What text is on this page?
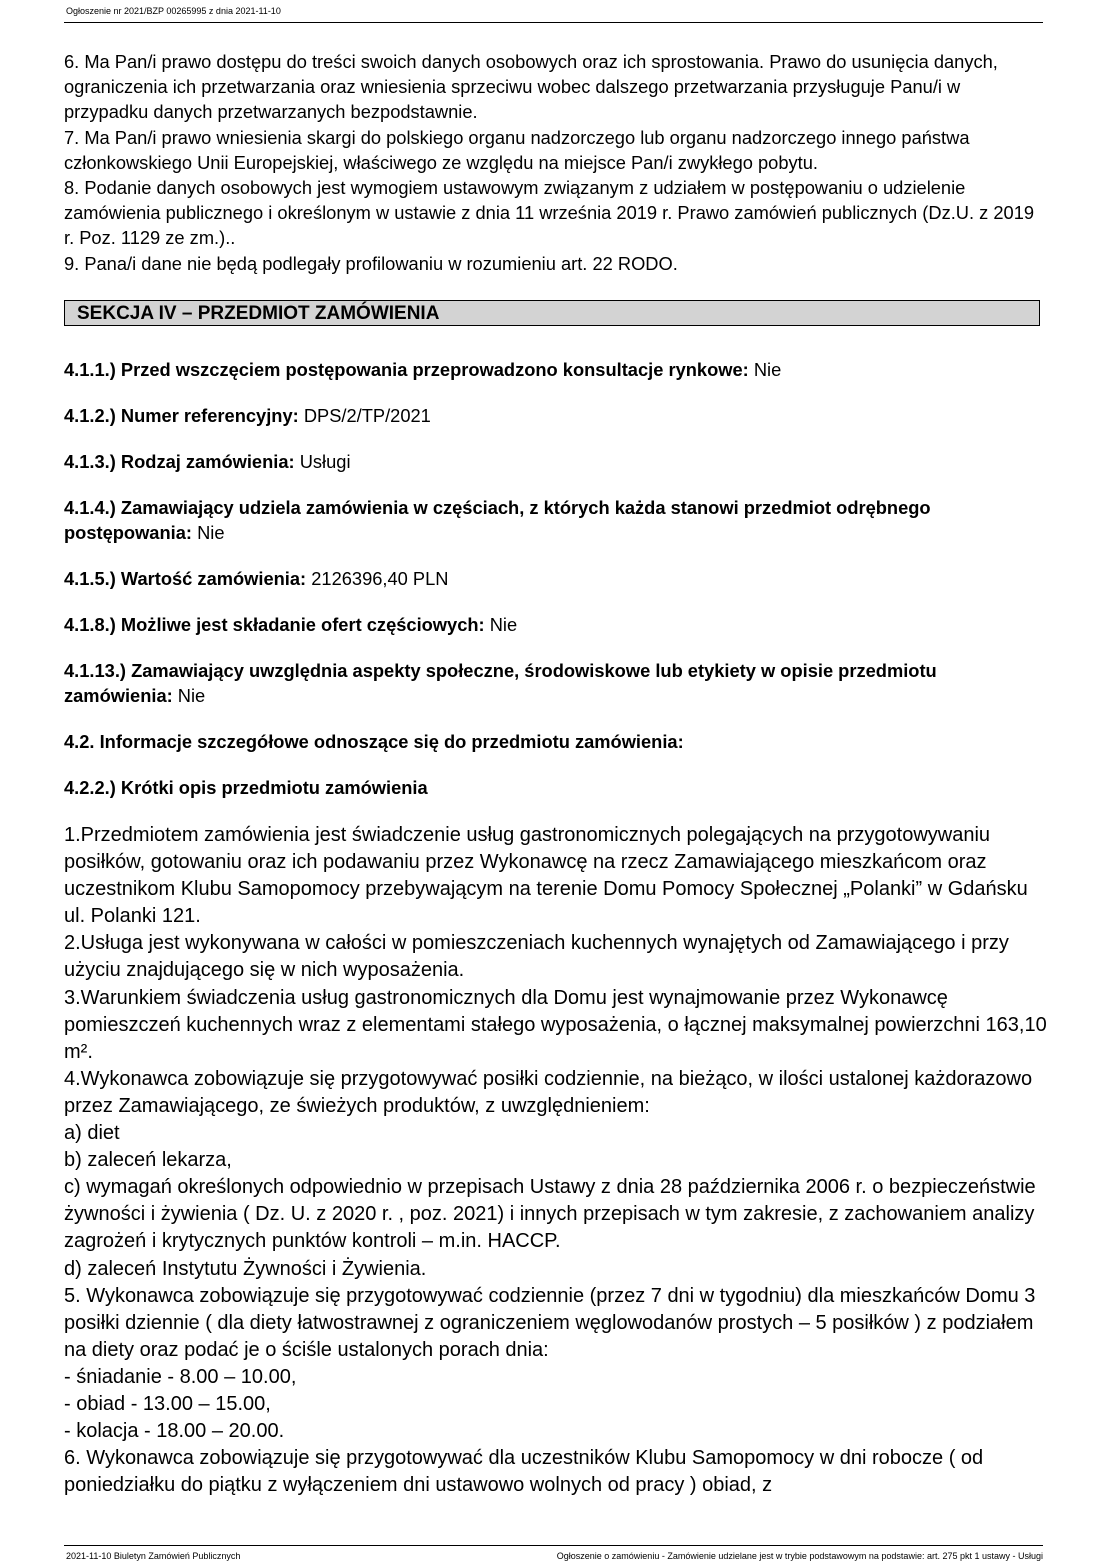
Ogłoszenie nr 2021/BZP 00265995 z dnia 2021-11-10

6. Ma Pan/i prawo dostępu do treści swoich danych osobowych oraz ich sprostowania. Prawo do usunięcia danych, ograniczenia ich przetwarzania oraz wniesienia sprzeciwu wobec dalszego przetwarzania przysługuje Panu/i w przypadku danych przetwarzanych bezpodstawnie.

7. Ma Pan/i prawo wniesienia skargi do polskiego organu nadzorczego lub organu nadzorczego innego państwa członkowskiego Unii Europejskiej, właściwego ze względu na miejsce Pan/i zwykłego pobytu.

8. Podanie danych osobowych jest wymogiem ustawowym związanym z udziałem w postępowaniu o udzielenie zamówienia publicznego i określonym w ustawie z dnia 11 września 2019 r. Prawo zamówień publicznych (Dz.U. z 2019 r. Poz. 1129 ze zm.)..

9. Pana/i dane nie będą podlegały profilowaniu w rozumieniu art. 22 RODO.

SEKCJA IV – PRZEDMIOT ZAMÓWIENIA

4.1.1.) Przed wszczęciem postępowania przeprowadzono konsultacje rynkowe: Nie

4.1.2.) Numer referencyjny: DPS/2/TP/2021

4.1.3.) Rodzaj zamówienia: Usługi

4.1.4.) Zamawiający udziela zamówienia w częściach, z których każda stanowi przedmiot odrębnego postępowania: Nie

4.1.5.) Wartość zamówienia: 2126396,40 PLN

4.1.8.) Możliwe jest składanie ofert częściowych: Nie

4.1.13.) Zamawiający uwzględnia aspekty społeczne, środowiskowe lub etykiety w opisie przedmiotu zamówienia: Nie

4.2. Informacje szczegółowe odnoszące się do przedmiotu zamówienia:

4.2.2.) Krótki opis przedmiotu zamówienia

1.Przedmiotem zamówienia jest świadczenie usług gastronomicznych polegających na przygotowywaniu posiłków, gotowaniu oraz ich podawaniu przez Wykonawcę na rzecz Zamawiającego mieszkańcom oraz uczestnikom Klubu Samopomocy przebywającym na terenie Domu Pomocy Społecznej „Polanki” w Gdańsku ul. Polanki 121.

2.Usługa jest wykonywana w całości w pomieszczeniach kuchennych wynajętych od Zamawiającego i przy użyciu znajdującego się w nich wyposażenia.

3.Warunkiem świadczenia usług gastronomicznych dla Domu jest wynajmowanie przez Wykonawcę pomieszczeń kuchennych wraz z elementami stałego wyposażenia, o łącznej maksymalnej powierzchni 163,10 m².

4.Wykonawca zobowiązuje się przygotowywać posiłki codziennie, na bieżąco, w ilości ustalonej każdorazowo przez Zamawiającego, ze świeżych produktów, z uwzględnieniem:

a) diet

b) zaleceń lekarza,

c) wymagań określonych odpowiednio w przepisach Ustawy z dnia 28 października 2006 r. o bezpieczeństwie żywności i żywienia ( Dz. U. z 2020 r. , poz. 2021) i innych przepisach w tym zakresie, z zachowaniem analizy zagrożeń i krytycznych punktów kontroli – m.in. HACCP.

d) zaleceń Instytutu Żywności i Żywienia.

5. Wykonawca zobowiązuje się przygotowywać codziennie (przez 7 dni w tygodniu) dla mieszkańców Domu 3 posiłki dziennie ( dla diety łatwostrawnej z ograniczeniem węglowodanów prostych – 5 posiłków ) z podziałem na diety oraz podać je o ściśle ustalonych porach dnia:

- śniadanie - 8.00 – 10.00,

- obiad - 13.00 – 15.00,

- kolacja - 18.00 – 20.00.

6. Wykonawca zobowiązuje się przygotowywać dla uczestników Klubu Samopomocy w dni robocze ( od poniedziałku do piątku z wyłączeniem dni ustawowo wolnych od pracy ) obiad, z

2021-11-10 Biuletyn Zamówień Publicznych	Ogłoszenie o zamówieniu - Zamówienie udzielane jest w trybie podstawowym na podstawie: art. 275 pkt 1 ustawy - Usługi
